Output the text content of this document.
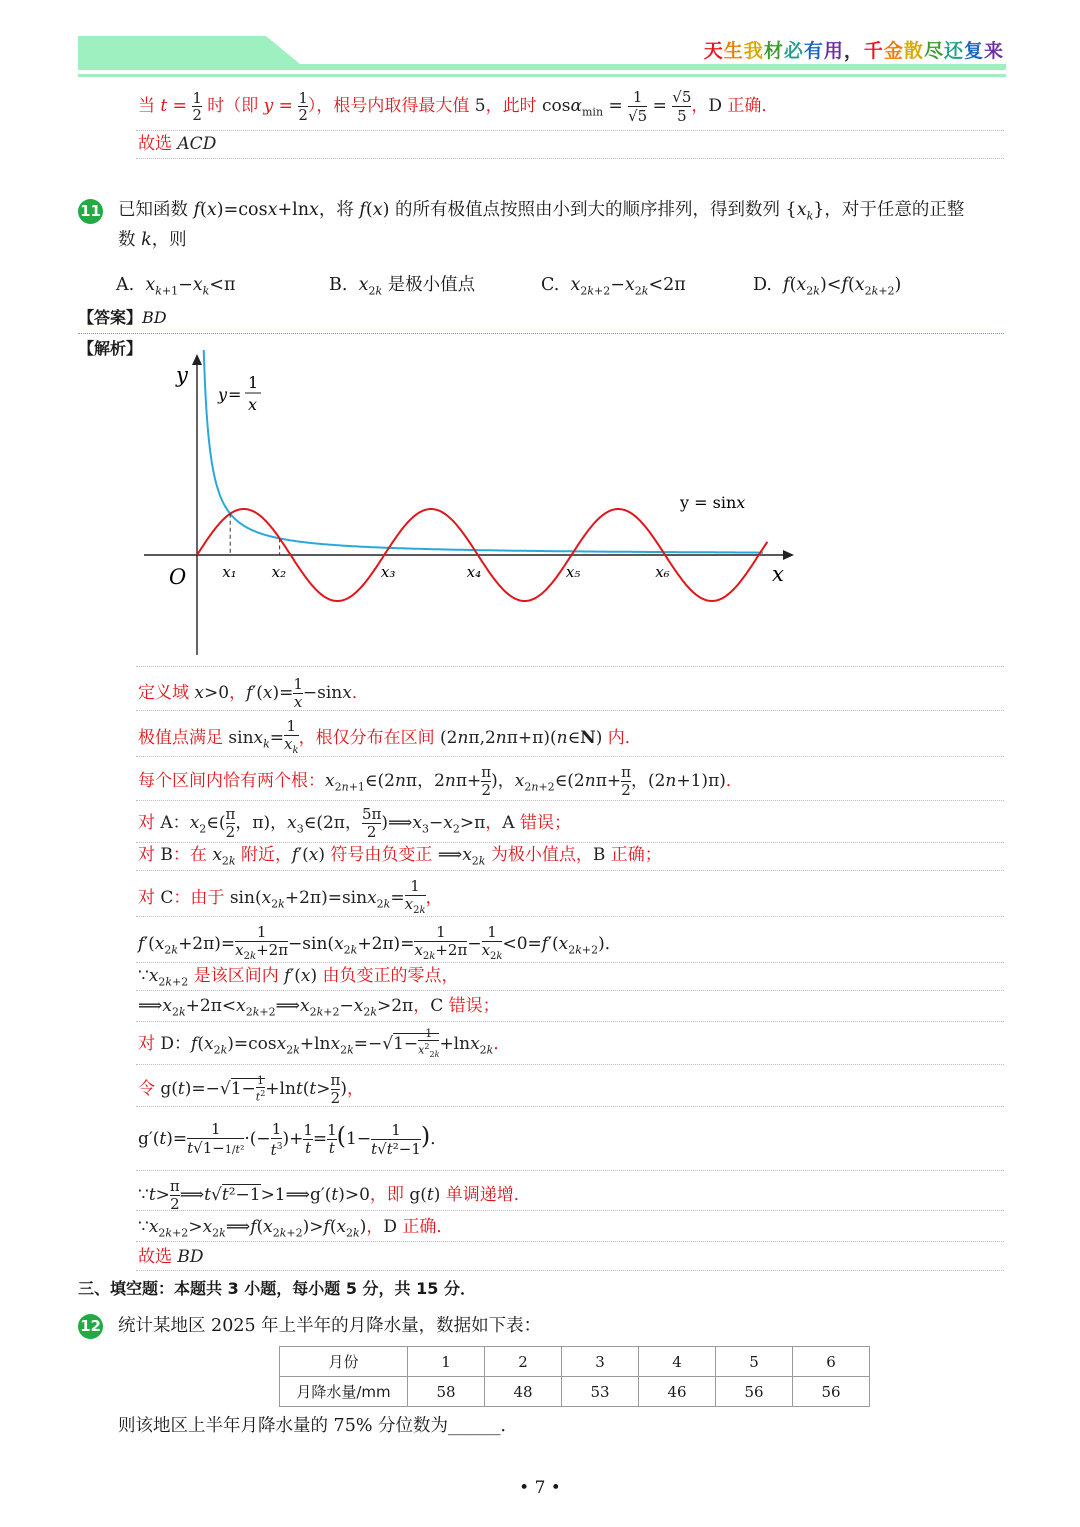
天生我材必有用，千金散尽还复来
当 $t = \frac{1}{2}$ 时（即 $y = \frac{1}{2}$ ），根号内取得最大值 5，此时 $\cos\alpha_{min} = \frac{1}{√5} = \frac{√5}{5}$ ，D 正确．
故选 ACD
11 已知函数 f(x)=cosx+lnx，将 f(x) 的所有极值点按照由小到大的顺序排列，得到数列 $\{x_k\}$，对于任意的正整
数 k，则
A.  $x_{k+1}-x_k<\pi$	B.  $x_{2k}$ 是极小值点	C.  $x_{2k+2}-x_{2k}<2\pi$	D.  $f(x_{2k})<f(x_{2k+2})$
【答案】BD
【解析】
y
x
O x₁ x₂	x₃	x₄	x₅	x₆
y =
1
x
y = sinx
定义域 x>0，$f'(x)= \frac{1}{x} -\sin x$．
极值点满足 $\sin x_k= \frac{1}{x_k}$ ，根仅分布在区间 (2nπ,2nπ+π)(n∈N) 内．
每个区间内恰有两个根：$x_{2n+1}\in(2n\pi$，$2n\pi+ \frac{\pi}{2}$ )，$x_{2n+2}\in(2n\pi+ \frac{\pi}{2}$ ，(2n+1)π)．
对 A：$x_2\in( \frac{\pi}{2}$ ，π)，$x_3\in(2\pi$， $\frac{5\pi}{2}$ )$⟹x_3-x_2>\pi$，A 错误；
对 B：在 $x_{2k}$ 附近，f′(x) 符号由负变正 $⟹x_{2k}$ 为极小值点，B 正确；
对 C：由于 $\sin(x_{2k}+2\pi)=\sin x_{2k}= \frac{1}{x_{2k}}$ ，
$f'(x_{2k}+2\pi)= \frac{1}{x_{2k}+2\pi} -\sin(x_{2k}+2\pi)= \frac{1}{x_{2k}+2\pi} - \frac{1}{x_{2k}} <0=f'(x_{2k+2})$．
$\because x_{2k+2}$ 是该区间内 f′(x) 由负变正的零点，
$⟹x_{2k}+2\pi<x_{2k+2}⟹x_{2k+2}-x_{2k}>2\pi$，C 错误；
对 D：$f(x_{2k})=\cos x_{2k}+\ln x_{2k}=-√1- \frac{1}{x^2_{2k}} +\ln x_{2k}$．
令 $g(t)=-√1- \frac{1}{t^2} +\ln t(t> \frac{\pi}{2}$ )，
$g'(t)= \frac{1}{\text{t√1−1/t²}}$ ·(− $\frac{1}{t^3}$ )+ $\frac{1}{t} = \frac{1}{t} (1- \frac{1}{\text{t√t²−1}}$ )．
∵t> $\frac{\pi}{2}$ ⟹t√t²−1>1⟹g′(t)>0，即 g(t) 单调递增．
$\because x_{2k+2}>x_{2k}⟹f(x_{2k+2})>f(x_{2k})$，D 正确．
故选 BD
三、填空题：本题共 3 小题，每小题 5 分，共 15 分．
12 统计某地区 2025 年上半年的月降水量，数据如下表：
月份	1	2	3	4	5	6
月降水量/mm	58	48	53	46	56	56
则该地区上半年月降水量的 75% 分位数为______．
• 7 •
